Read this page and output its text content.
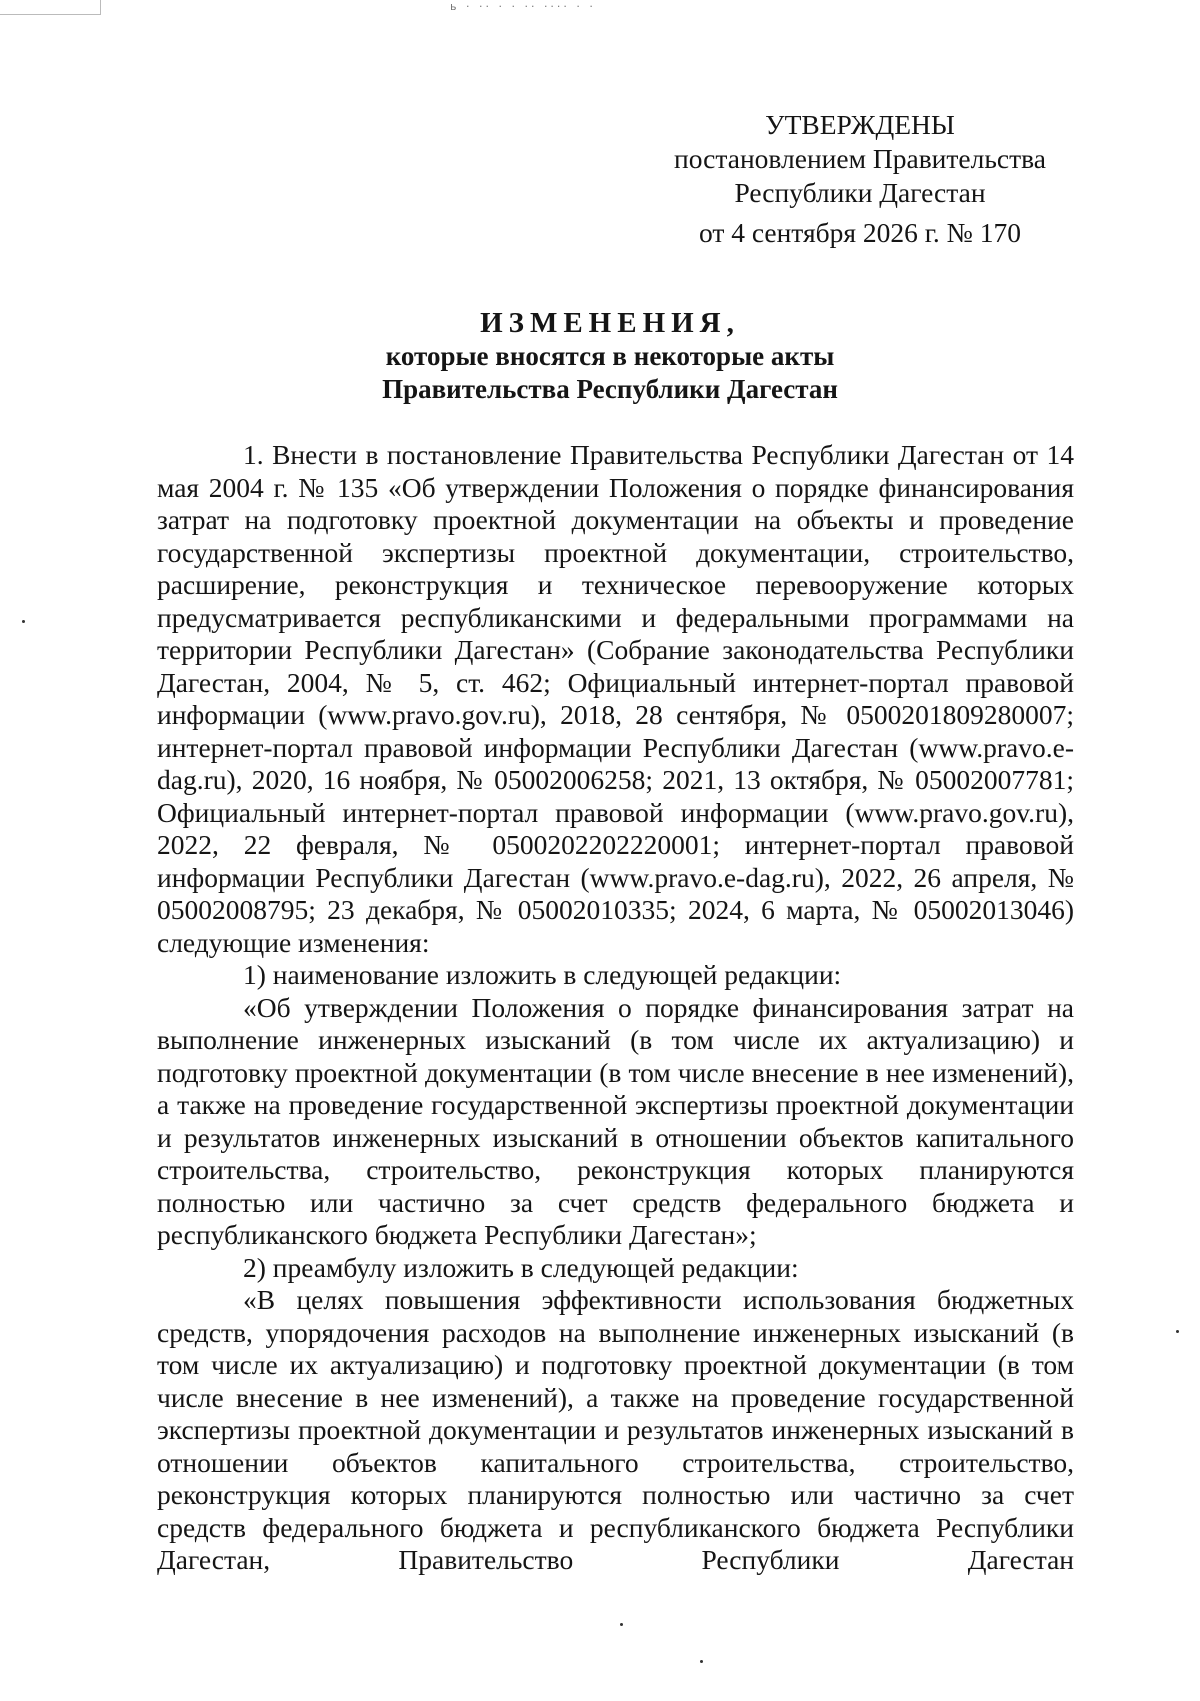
ь · ·· · · ·· ···· · ·
УТВЕРЖДЕНЫ
постановлением Правительства
Республики Дагестан
от 4 сентября 2026 г. № 170
ИЗМЕНЕНИЯ,
которые вносятся в некоторые акты
Правительства Республики Дагестан

1. Внести в постановление Правительства Республики Дагестан от 14 мая 2004 г. № 135 «Об утверждении Положения о порядке финансирования затрат на подготовку проектной документации на объекты и проведение государственной экспертизы проектной документации, строительство, расширение, реконструкция и техническое перевооружение которых предусматривается республиканскими и федеральными программами на территории Республики Дагестан» (Собрание законодательства Республики Дагестан, 2004, № 5, ст. 462; Официальный интернет-портал правовой информации (www.pravo.gov.ru), 2018, 28 сентября, № 0500201809280007; интернет-портал правовой информации Республики Дагестан (www.pravo.e-dag.ru), 2020, 16 ноября, № 05002006258; 2021, 13 октября, № 05002007781; Официальный интернет-портал правовой информации (www.pravo.gov.ru), 2022, 22 февраля, № 0500202202220001; интернет-портал правовой информации Республики Дагестан (www.pravo.e-dag.ru), 2022, 26 апреля, № 05002008795; 23 декабря, № 05002010335; 2024, 6 марта, № 05002013046) следующие изменения:

1) наименование изложить в следующей редакции:

«Об утверждении Положения о порядке финансирования затрат на выполнение инженерных изысканий (в том числе их актуализацию) и подготовку проектной документации (в том числе внесение в нее изменений), а также на проведение государственной экспертизы проектной документации и результатов инженерных изысканий в отношении объектов капитального строительства, строительство, реконструкция которых планируются полностью или частично за счет средств федерального бюджета и республиканского бюджета Республики Дагестан»;

2) преамбулу изложить в следующей редакции:

«В целях повышения эффективности использования бюджетных средств, упорядочения расходов на выполнение инженерных изысканий (в том числе их актуализацию) и подготовку проектной документации (в том числе внесение в нее изменений), а также на проведение государственной экспертизы проектной документации и результатов инженерных изысканий в отношении объектов капитального строительства, строительство, реконструкция которых планируются полностью или частично за счет средств федерального бюджета и республиканского бюджета Республики Дагестан, Правительство Республики Дагестан
